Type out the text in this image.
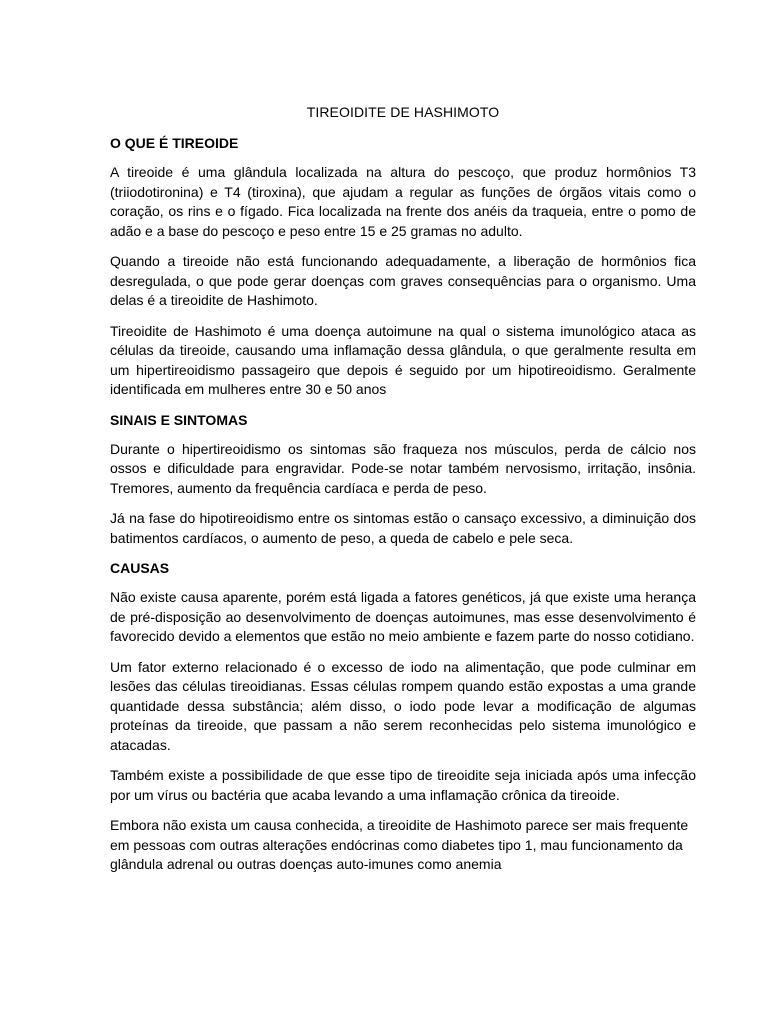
TIREOIDITE DE HASHIMOTO
O QUE É TIREOIDE

A tireoide é uma glândula localizada na altura do pescoço, que produz hormônios T3 (triiodotironina) e T4 (tiroxina), que ajudam a regular as funções de órgãos vitais como o coração, os rins e o fígado. Fica localizada na frente dos anéis da traqueia, entre o pomo de adão e a base do pescoço e peso entre 15 e 25 gramas no adulto.

Quando a tireoide não está funcionando adequadamente, a liberação de hormônios fica desregulada, o que pode gerar doenças com graves consequências para o organismo. Uma delas é a tireoidite de Hashimoto.

Tireoidite de Hashimoto é uma doença autoimune na qual o sistema imunológico ataca as células da tireoide, causando uma inflamação dessa glândula, o que geralmente resulta em um hipertireoidismo passageiro que depois é seguido por um hipotireoidismo. Geralmente identificada em mulheres entre 30 e 50 anos

SINAIS E SINTOMAS

Durante o hipertireoidismo os sintomas são fraqueza nos músculos, perda de cálcio nos ossos e dificuldade para engravidar. Pode-se notar também nervosismo, irritação, insônia. Tremores, aumento da frequência cardíaca e perda de peso.

Já na fase do hipotireoidismo entre os sintomas estão o cansaço excessivo, a diminuição dos batimentos cardíacos, o aumento de peso, a queda de cabelo e pele seca.

CAUSAS

Não existe causa aparente, porém está ligada a fatores genéticos, já que existe uma herança de pré-disposição ao desenvolvimento de doenças autoimunes, mas esse desenvolvimento é favorecido devido a elementos que estão no meio ambiente e fazem parte do nosso cotidiano.

Um fator externo relacionado é o excesso de iodo na alimentação, que pode culminar em lesões das células tireoidianas. Essas células rompem quando estão expostas a uma grande quantidade dessa substância; além disso, o iodo pode levar a modificação de algumas proteínas da tireoide, que passam a não serem reconhecidas pelo sistema imunológico e atacadas.

Também existe a possibilidade de que esse tipo de tireoidite seja iniciada após uma infecção por um vírus ou bactéria que acaba levando a uma inflamação crônica da tireoide.

Embora não exista um causa conhecida, a tireoidite de Hashimoto parece ser mais frequente em pessoas com outras alterações endócrinas como diabetes tipo 1, mau funcionamento da glândula adrenal ou outras doenças auto-imunes como anemia
